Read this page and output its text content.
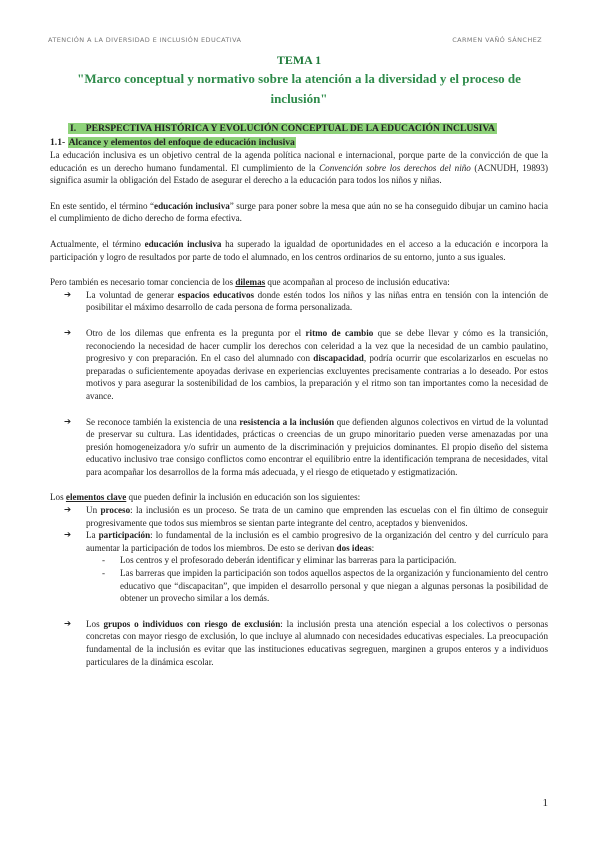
ATENCIÓN A LA DIVERSIDAD E INCLUSIÓN EDUCATIVA	CARMEN VAÑÓ SÁNCHEZ
TEMA 1
"Marco conceptual y normativo sobre la atención a la diversidad y el proceso de inclusión"
I. PERSPECTIVA HISTÓRICA Y EVOLUCIÓN CONCEPTUAL DE LA EDUCACIÓN INCLUSIVA
1.1- Alcance y elementos del enfoque de educación inclusiva

La educación inclusiva es un objetivo central de la agenda política nacional e internacional, porque parte de la convicción de que la educación es un derecho humano fundamental. El cumplimiento de la Convención sobre los derechos del niño (ACNUDH, 19893) significa asumir la obligación del Estado de asegurar el derecho a la educación para todos los niños y niñas.

En este sentido, el término “educación inclusiva” surge para poner sobre la mesa que aún no se ha conseguido dibujar un camino hacia el cumplimiento de dicho derecho de forma efectiva.

Actualmente, el término educación inclusiva ha superado la igualdad de oportunidades en el acceso a la educación e incorpora la participación y logro de resultados por parte de todo el alumnado, en los centros ordinarios de su entorno, junto a sus iguales.

Pero también es necesario tomar conciencia de los dilemas que acompañan al proceso de inclusión educativa:

➔ La voluntad de generar espacios educativos donde estén todos los niños y las niñas entra en tensión con la intención de posibilitar el máximo desarrollo de cada persona de forma personalizada.
➔ Otro de los dilemas que enfrenta es la pregunta por el ritmo de cambio que se debe llevar y cómo es la transición, reconociendo la necesidad de hacer cumplir los derechos con celeridad a la vez que la necesidad de un cambio paulatino, progresivo y con preparación. En el caso del alumnado con discapacidad, podría ocurrir que escolarizarlos en escuelas no preparadas o suficientemente apoyadas derivase en experiencias excluyentes precisamente contrarias a lo deseado. Por estos motivos y para asegurar la sostenibilidad de los cambios, la preparación y el ritmo son tan importantes como la necesidad de avance.
➔ Se reconoce también la existencia de una resistencia a la inclusión que defienden algunos colectivos en virtud de la voluntad de preservar su cultura. Las identidades, prácticas o creencias de un grupo minoritario pueden verse amenazadas por una presión homogeneizadora y/o sufrir un aumento de la discriminación y prejuicios dominantes. El propio diseño del sistema educativo inclusivo trae consigo conflictos como encontrar el equilibrio entre la identificación temprana de necesidades, vital para acompañar los desarrollos de la forma más adecuada, y el riesgo de etiquetado y estigmatización.

Los elementos clave que pueden definir la inclusión en educación son los siguientes:

➔ Un proceso: la inclusión es un proceso. Se trata de un camino que emprenden las escuelas con el fin último de conseguir progresivamente que todos sus miembros se sientan parte integrante del centro, aceptados y bienvenidos.
➔ La participación: lo fundamental de la inclusión es el cambio progresivo de la organización del centro y del currículo para aumentar la participación de todos los miembros. De esto se derivan dos ideas:
- Los centros y el profesorado deberán identificar y eliminar las barreras para la participación.
- Las barreras que impiden la participación son todos aquellos aspectos de la organización y funcionamiento del centro educativo que “discapacitan”, que impiden el desarrollo personal y que niegan a algunas personas la posibilidad de obtener un provecho similar a los demás.
➔ Los grupos o individuos con riesgo de exclusión: la inclusión presta una atención especial a los colectivos o personas concretas con mayor riesgo de exclusión, lo que incluye al alumnado con necesidades educativas especiales. La preocupación fundamental de la inclusión es evitar que las instituciones educativas segreguen, marginen a grupos enteros y a individuos particulares de la dinámica escolar.
1
